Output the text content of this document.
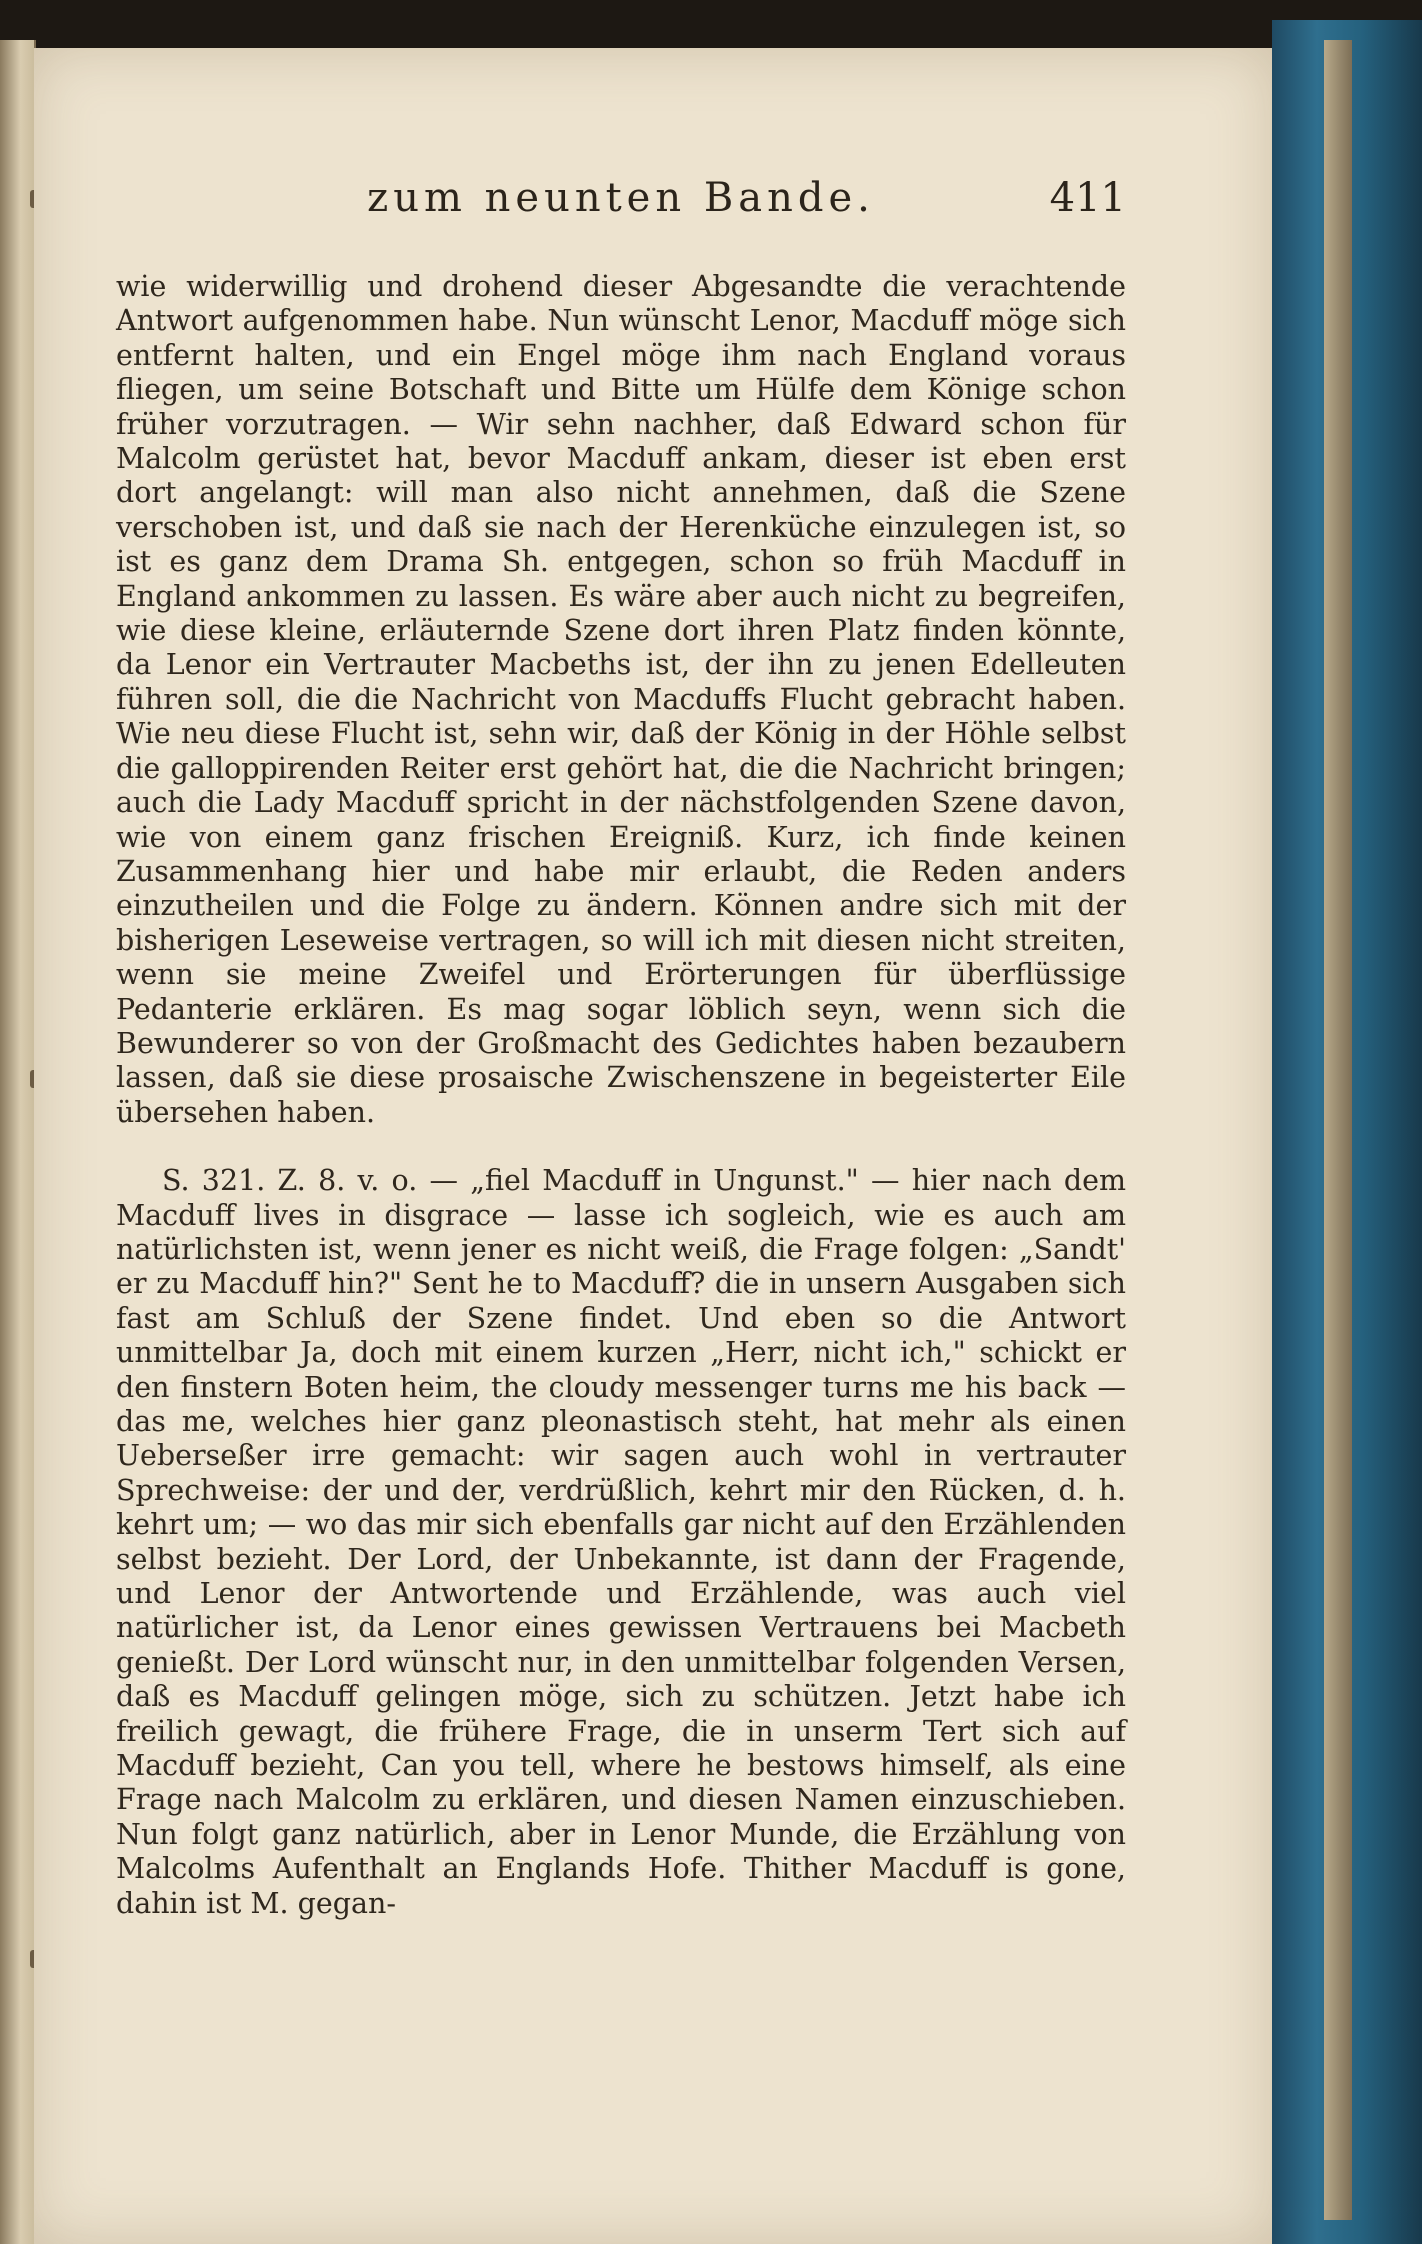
zum neunten Bande.	411

wie widerwillig und drohend dieser Abgesandte die verachtende Antwort aufgenommen habe. Nun wünscht Lenor, Macduff möge sich entfernt halten, und ein Engel möge ihm nach England voraus fliegen, um seine Botschaft und Bitte um Hülfe dem Könige schon früher vorzutragen. — Wir sehn nachher, daß Edward schon für Malcolm gerüstet hat, bevor Macduff ankam, dieser ist eben erst dort angelangt: will man also nicht annehmen, daß die Szene verschoben ist, und daß sie nach der Herenküche einzulegen ist, so ist es ganz dem Drama Sh. entgegen, schon so früh Macduff in England ankommen zu lassen. Es wäre aber auch nicht zu begreifen, wie diese kleine, erläuternde Szene dort ihren Platz finden könnte, da Lenor ein Vertrauter Macbeths ist, der ihn zu jenen Edelleuten führen soll, die die Nachricht von Macduffs Flucht gebracht haben. Wie neu diese Flucht ist, sehn wir, daß der König in der Höhle selbst die galloppirenden Reiter erst gehört hat, die die Nachricht bringen; auch die Lady Macduff spricht in der nächstfolgenden Szene davon, wie von einem ganz frischen Ereigniß. Kurz, ich finde keinen Zusammenhang hier und habe mir erlaubt, die Reden anders einzutheilen und die Folge zu ändern. Können andre sich mit der bisherigen Leseweise vertragen, so will ich mit diesen nicht streiten, wenn sie meine Zweifel und Erörterungen für überflüssige Pedanterie erklären. Es mag sogar löblich seyn, wenn sich die Bewunderer so von der Großmacht des Gedichtes haben bezaubern lassen, daß sie diese prosaische Zwischenszene in begeisterter Eile übersehen haben.

S. 321. Z. 8. v. o. — „fiel Macduff in Ungunst." — hier nach dem Macduff lives in disgrace — lasse ich sogleich, wie es auch am natürlichsten ist, wenn jener es nicht weiß, die Frage folgen: „Sandt' er zu Macduff hin?" Sent he to Macduff? die in unsern Ausgaben sich fast am Schluß der Szene findet. Und eben so die Antwort unmittelbar Ja, doch mit einem kurzen „Herr, nicht ich," schickt er den finstern Boten heim, the cloudy messenger turns me his back — das me, welches hier ganz pleonastisch steht, hat mehr als einen Ueberseßer irre gemacht: wir sagen auch wohl in vertrauter Sprechweise: der und der, verdrüßlich, kehrt mir den Rücken, d. h. kehrt um; — wo das mir sich ebenfalls gar nicht auf den Erzählenden selbst bezieht. Der Lord, der Unbekannte, ist dann der Fragende, und Lenor der Antwortende und Erzählende, was auch viel natürlicher ist, da Lenor eines gewissen Vertrauens bei Macbeth genießt. Der Lord wünscht nur, in den unmittelbar folgenden Versen, daß es Macduff gelingen möge, sich zu schützen. Jetzt habe ich freilich gewagt, die frühere Frage, die in unserm Tert sich auf Macduff bezieht, Can you tell, where he bestows himself, als eine Frage nach Malcolm zu erklären, und diesen Namen einzuschieben. Nun folgt ganz natürlich, aber in Lenor Munde, die Erzählung von Malcolms Aufenthalt an Englands Hofe. Thither Macduff is gone, dahin ist M. gegan-
